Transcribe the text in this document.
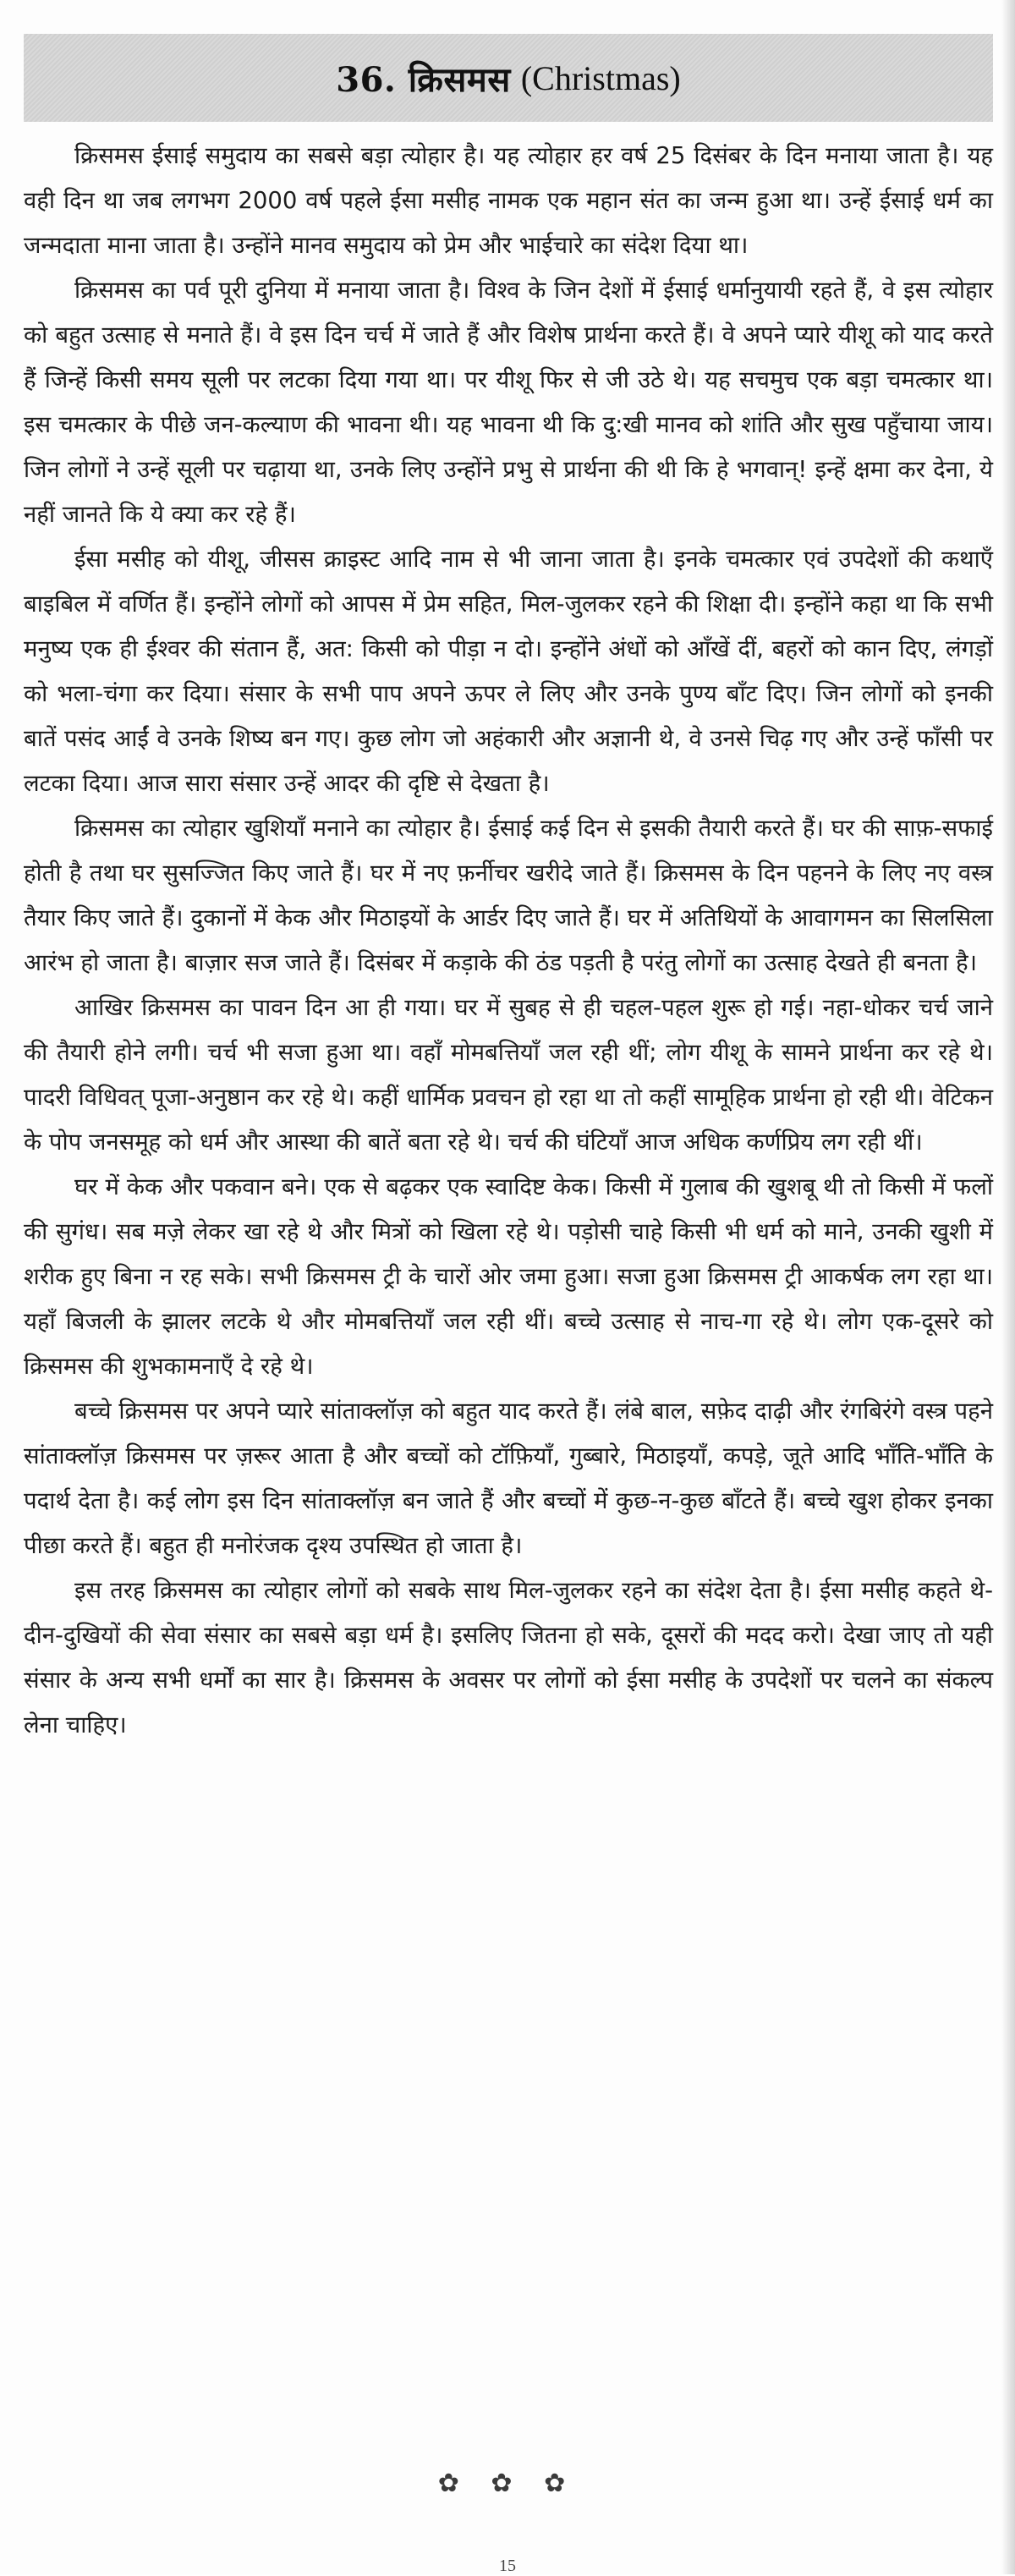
36. क्रिसमस (Christmas)

क्रिसमस ईसाई समुदाय का सबसे बड़ा त्योहार है। यह त्योहार हर वर्ष 25 दिसंबर के दिन मनाया जाता है। यह वही दिन था जब लगभग 2000 वर्ष पहले ईसा मसीह नामक एक महान संत का जन्म हुआ था। उन्हें ईसाई धर्म का जन्मदाता माना जाता है। उन्होंने मानव समुदाय को प्रेम और भाईचारे का संदेश दिया था।

क्रिसमस का पर्व पूरी दुनिया में मनाया जाता है। विश्व के जिन देशों में ईसाई धर्मानुयायी रहते हैं, वे इस त्योहार को बहुत उत्साह से मनाते हैं। वे इस दिन चर्च में जाते हैं और विशेष प्रार्थना करते हैं। वे अपने प्यारे यीशू को याद करते हैं जिन्हें किसी समय सूली पर लटका दिया गया था। पर यीशू फिर से जी उठे थे। यह सचमुच एक बड़ा चमत्कार था। इस चमत्कार के पीछे जन-कल्याण की भावना थी। यह भावना थी कि दु:खी मानव को शांति और सुख पहुँचाया जाय। जिन लोगों ने उन्हें सूली पर चढ़ाया था, उनके लिए उन्होंने प्रभु से प्रार्थना की थी कि हे भगवान्! इन्हें क्षमा कर देना, ये नहीं जानते कि ये क्या कर रहे हैं।

ईसा मसीह को यीशू, जीसस क्राइस्ट आदि नाम से भी जाना जाता है। इनके चमत्कार एवं उपदेशों की कथाएँ बाइबिल में वर्णित हैं। इन्होंने लोगों को आपस में प्रेम सहित, मिल-जुलकर रहने की शिक्षा दी। इन्होंने कहा था कि सभी मनुष्य एक ही ईश्वर की संतान हैं, अत: किसी को पीड़ा न दो। इन्होंने अंधों को आँखें दीं, बहरों को कान दिए, लंगड़ों को भला-चंगा कर दिया। संसार के सभी पाप अपने ऊपर ले लिए और उनके पुण्य बाँट दिए। जिन लोगों को इनकी बातें पसंद आईं वे उनके शिष्य बन गए। कुछ लोग जो अहंकारी और अज्ञानी थे, वे उनसे चिढ़ गए और उन्हें फाँसी पर लटका दिया। आज सारा संसार उन्हें आदर की दृष्टि से देखता है।

क्रिसमस का त्योहार खुशियाँ मनाने का त्योहार है। ईसाई कई दिन से इसकी तैयारी करते हैं। घर की साफ़-सफाई होती है तथा घर सुसज्जित किए जाते हैं। घर में नए फ़र्नीचर खरीदे जाते हैं। क्रिसमस के दिन पहनने के लिए नए वस्त्र तैयार किए जाते हैं। दुकानों में केक और मिठाइयों के आर्डर दिए जाते हैं। घर में अतिथियों के आवागमन का सिलसिला आरंभ हो जाता है। बाज़ार सज जाते हैं। दिसंबर में कड़ाके की ठंड पड़ती है परंतु लोगों का उत्साह देखते ही बनता है।

आखिर क्रिसमस का पावन दिन आ ही गया। घर में सुबह से ही चहल-पहल शुरू हो गई। नहा-धोकर चर्च जाने की तैयारी होने लगी। चर्च भी सजा हुआ था। वहाँ मोमबत्तियाँ जल रही थीं; लोग यीशू के सामने प्रार्थना कर रहे थे। पादरी विधिवत् पूजा-अनुष्ठान कर रहे थे। कहीं धार्मिक प्रवचन हो रहा था तो कहीं सामूहिक प्रार्थना हो रही थी। वेटिकन के पोप जनसमूह को धर्म और आस्था की बातें बता रहे थे। चर्च की घंटियाँ आज अधिक कर्णप्रिय लग रही थीं।

घर में केक और पकवान बने। एक से बढ़कर एक स्वादिष्ट केक। किसी में गुलाब की खुशबू थी तो किसी में फलों की सुगंध। सब मज़े लेकर खा रहे थे और मित्रों को खिला रहे थे। पड़ोसी चाहे किसी भी धर्म को माने, उनकी खुशी में शरीक हुए बिना न रह सके। सभी क्रिसमस ट्री के चारों ओर जमा हुआ। सजा हुआ क्रिसमस ट्री आकर्षक लग रहा था। यहाँ बिजली के झालर लटके थे और मोमबत्तियाँ जल रही थीं। बच्चे उत्साह से नाच-गा रहे थे। लोग एक-दूसरे को क्रिसमस की शुभकामनाएँ दे रहे थे।

बच्चे क्रिसमस पर अपने प्यारे सांताक्लॉज़ को बहुत याद करते हैं। लंबे बाल, सफ़ेद दाढ़ी और रंगबिरंगे वस्त्र पहने सांताक्लॉज़ क्रिसमस पर ज़रूर आता है और बच्चों को टॉफ़ियाँ, गुब्बारे, मिठाइयाँ, कपड़े, जूते आदि भाँति-भाँति के पदार्थ देता है। कई लोग इस दिन सांताक्लॉज़ बन जाते हैं और बच्चों में कुछ-न-कुछ बाँटते हैं। बच्चे खुश होकर इनका पीछा करते हैं। बहुत ही मनोरंजक दृश्य उपस्थित हो जाता है।

इस तरह क्रिसमस का त्योहार लोगों को सबके साथ मिल-जुलकर रहने का संदेश देता है। ईसा मसीह कहते थे-दीन-दुखियों की सेवा संसार का सबसे बड़ा धर्म है। इसलिए जितना हो सके, दूसरों की मदद करो। देखा जाए तो यही संसार के अन्य सभी धर्मों का सार है। क्रिसमस के अवसर पर लोगों को ईसा मसीह के उपदेशों पर चलने का संकल्प लेना चाहिए।

✿ ✿ ✿
15
